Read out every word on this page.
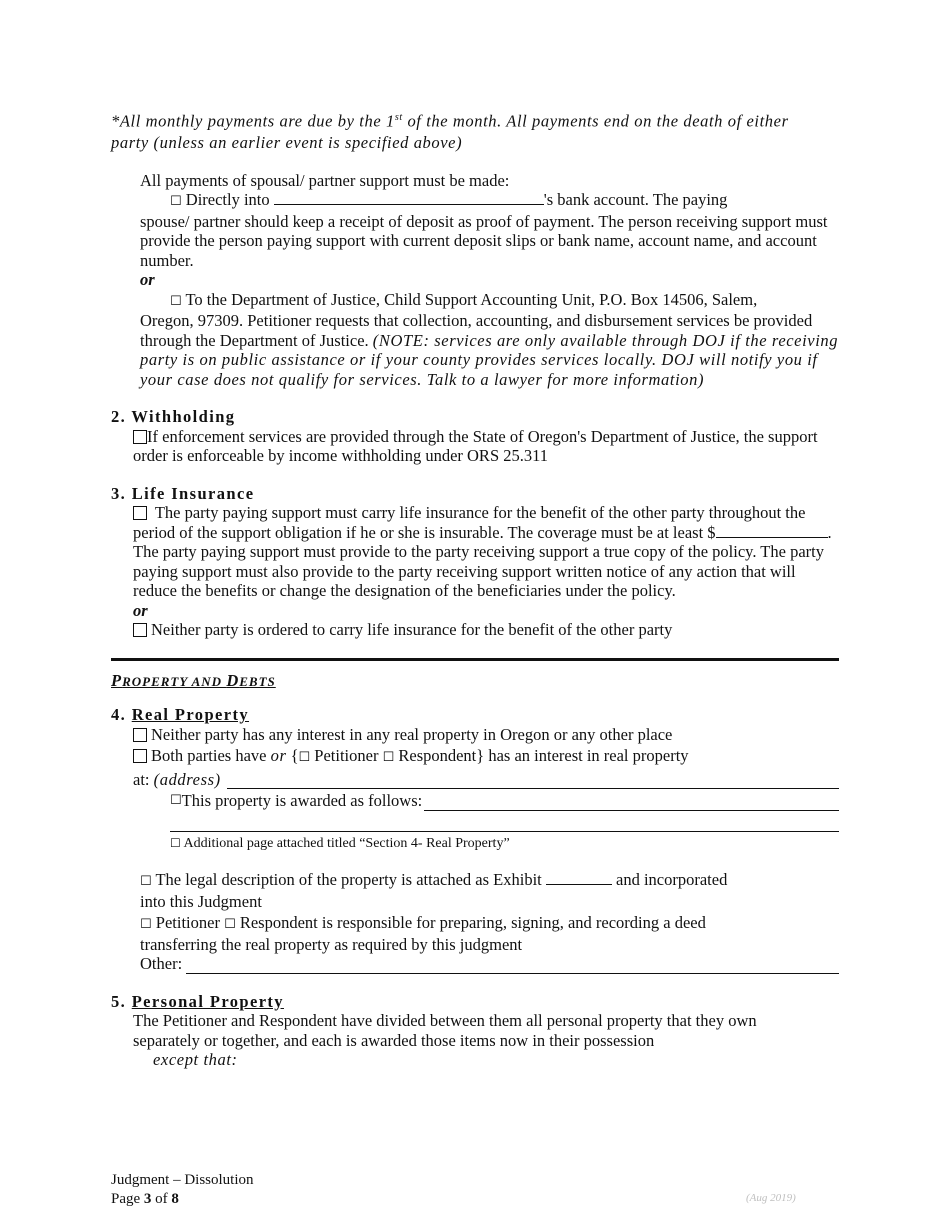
*All monthly payments are due by the 1st of the month. All payments end on the death of either
party (unless an earlier event is specified above)
All payments of spousal/ partner support must be made:
☐ Directly into	's bank account. The paying
spouse/ partner should keep a receipt of deposit as proof of payment. The person receiving support must provide the person paying support with current deposit slips or bank name, account name, and account number.
or
☐ To the Department of Justice, Child Support Accounting Unit, P.O. Box 14506, Salem,
Oregon, 97309. Petitioner requests that collection, accounting, and disbursement services be provided through the Department of Justice. (NOTE: services are only available through DOJ if the receiving party is on public assistance or if your county provides services locally. DOJ will notify you if your case does not qualify for services. Talk to a lawyer for more information)
2. Withholding
If enforcement services are provided through the State of Oregon's Department of Justice, the support order is enforceable by income withholding under ORS 25.311
3. Life Insurance
The party paying support must carry life insurance for the benefit of the other party throughout the period of the support obligation if he or she is insurable. The coverage must be at least $	. The party paying support must provide to the party receiving support a true copy of the policy. The party paying support must also provide to the party receiving support written notice of any action that will reduce the benefits or change the designation of the beneficiaries under the policy.
or
Neither party is ordered to carry life insurance for the benefit of the other party
PROPERTY AND DEBTS
4. Real Property
Neither party has any interest in any real property in Oregon or any other place
Both parties have or {☐ Petitioner ☐ Respondent} has an interest in real property
at:
(address)
☐ This property is awarded as follows:
☐ Additional page attached titled “Section 4- Real Property”
☐ The legal description of the property is attached as Exhibit	and incorporated
into this Judgment
☐ Petitioner ☐ Respondent is responsible for preparing, signing, and recording a deed
transferring the real property as required by this judgment
Other:
5. Personal Property
The Petitioner and Respondent have divided between them all personal property that they own separately or together, and each is awarded those items now in their possession
except that:
Judgment – Dissolution
Page 3 of 8	(Aug 2019)
